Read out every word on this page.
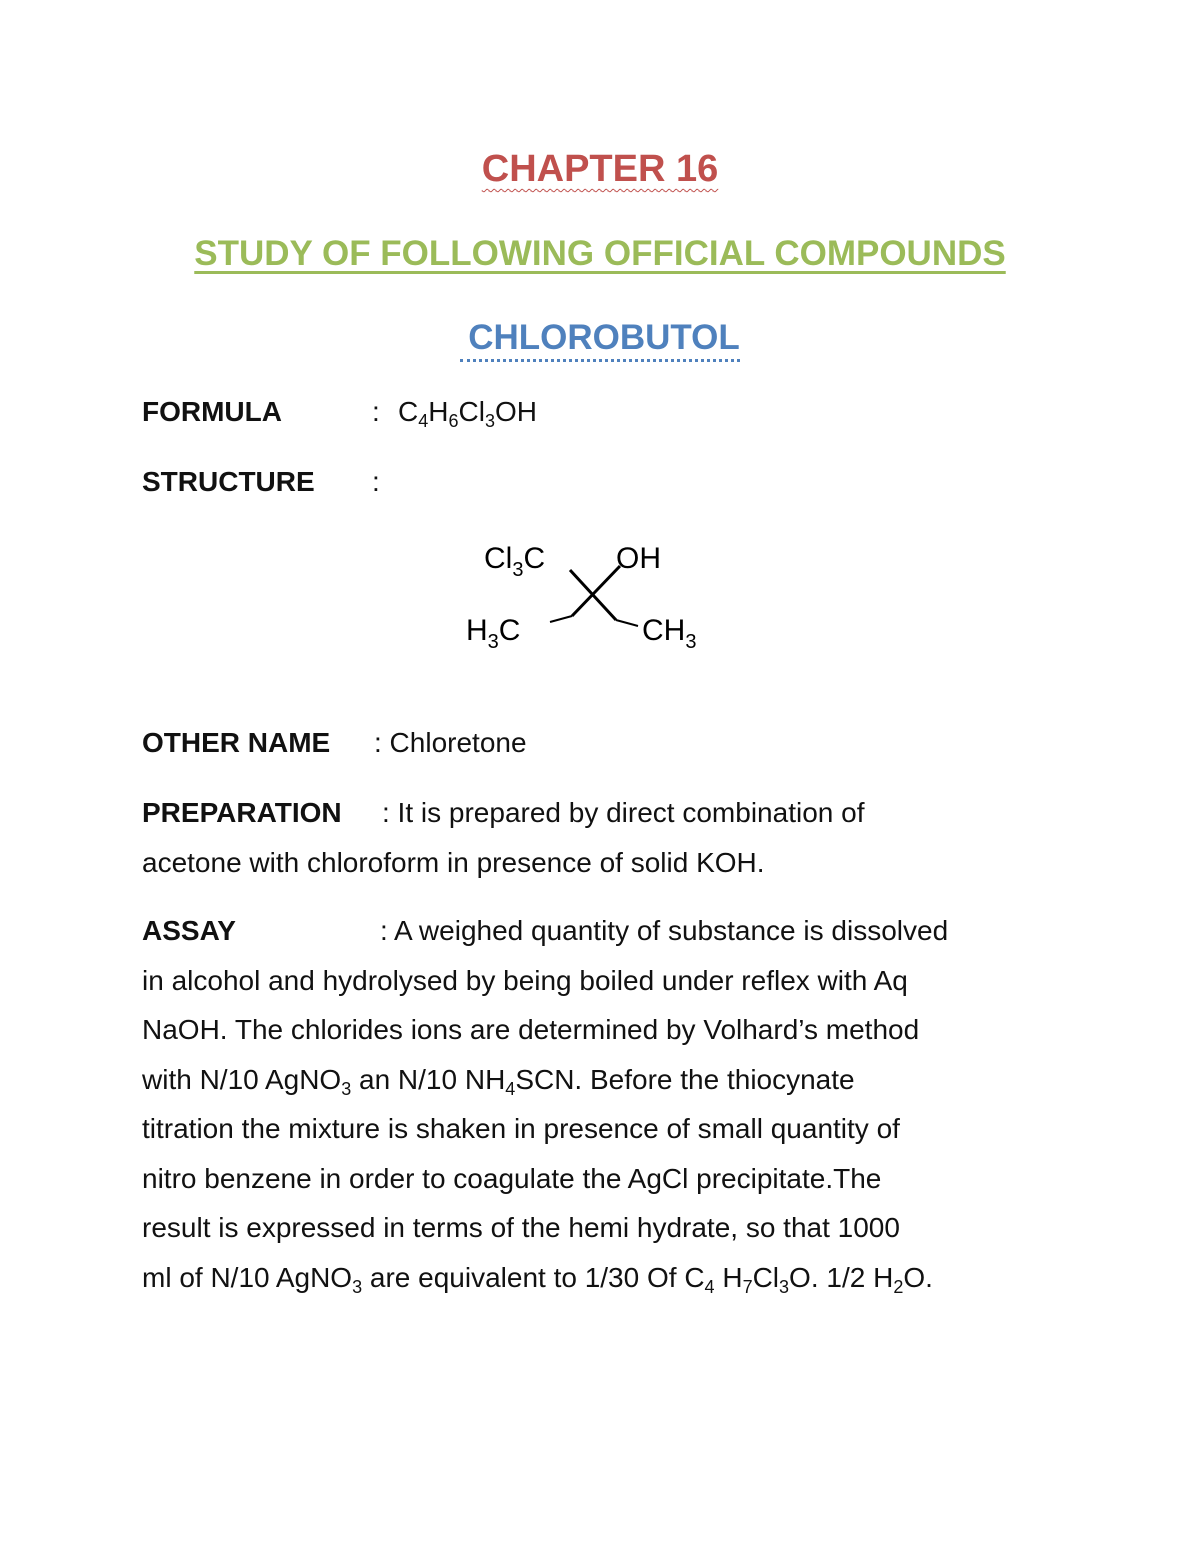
CHAPTER 16
STUDY OF FOLLOWING OFFICIAL COMPOUNDS
CHLOROBUTOL
FORMULA	: $C_4H_6Cl_3OH$
STRUCTURE :
$Cl_3C$ OH
$H_3C$	$CH_3$
OTHER NAME : Chloretone

PREPARATION : It is prepared by direct combination of
acetone with chloroform in presence of solid KOH.

ASSAY	: A weighed quantity of substance is dissolved
in alcohol and hydrolysed by being boiled under reflex with Aq
NaOH. The chlorides ions are determined by Volhard’s method
with N/10 AgNO$_3$ an N/10 $NH_4SCN$. Before the thiocynate
titration the mixture is shaken in presence of small quantity of
nitro benzene in order to coagulate the AgCl precipitate.The
result is expressed in terms of the hemi hydrate, so that 1000
ml of N/10 AgNO$_3$ are equivalent to 1/30 Of $C_4$ $H_7Cl_3O$. 1/2 $H_2O$.
